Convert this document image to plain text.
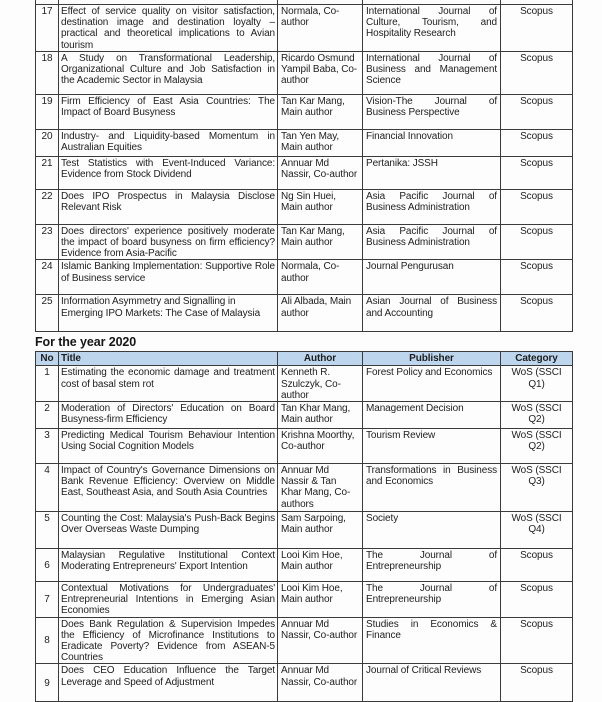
17	Effect of service quality on visitor satisfaction, destination image and destination loyalty – practical and theoretical implications to Avian tourism	Normala, Co-author	International Journal of Culture, Tourism, and Hospitality Research	Scopus
18	A Study on Transformational Leadership, Organizational Culture and Job Satisfaction in the Academic Sector in Malaysia	Ricardo Osmund Yampil Baba, Co-author	International Journal of Business and Management Science	Scopus
19	Firm Efficiency of East Asia Countries: The Impact of Board Busyness	Tan Kar Mang, Main author	Vision-The Journal of Business Perspective	Scopus
20	Industry- and Liquidity-based Momentum in Australian Equities	Tan Yen May, Main author	Financial Innovation	Scopus
21	Test Statistics with Event-Induced Variance: Evidence from Stock Dividend	Annuar Md Nassir, Co-author	Pertanika: JSSH	Scopus
22	Does IPO Prospectus in Malaysia Disclose Relevant Risk	Ng Sin Huei, Main author	Asia Pacific Journal of Business Administration	Scopus
23	Does directors' experience positively moderate the impact of board busyness on firm efficiency? Evidence from Asia-Pacific	Tan Kar Mang, Main author	Asia Pacific Journal of Business Administration	Scopus
24	Islamic Banking Implementation: Supportive Role of Business service	Normala, Co-author	Journal Pengurusan	Scopus
25	Information Asymmetry and Signalling in Emerging IPO Markets: The Case of Malaysia	Ali Albada, Main author	Asian Journal of Business and Accounting	Scopus
For the year 2020
No	Title	Author	Publisher	Category
1	Estimating the economic damage and treatment cost of basal stem rot	Kenneth R. Szulczyk, Co-author	Forest Policy and Economics	WoS (SSCI Q1)
2	Moderation of Directors' Education on Board Busyness-firm Efficiency	Tan Khar Mang, Main author	Management Decision	WoS (SSCI Q2)
3	Predicting Medical Tourism Behaviour Intention Using Social Cognition Models	Krishna Moorthy, Co-author	Tourism Review	WoS (SSCI Q2)
4	Impact of Country's Governance Dimensions on Bank Revenue Efficiency: Overview on Middle East, Southeast Asia, and South Asia Countries	Annuar Md Nassir & Tan Khar Mang, Co-authors	Transformations in Business and Economics	WoS (SSCI Q3)
5	Counting the Cost: Malaysia's Push-Back Begins Over Overseas Waste Dumping	Sam Sarpoing, Main author	Society	WoS (SSCI Q4)
6	Malaysian Regulative Institutional Context Moderating Entrepreneurs' Export Intention	Looi Kim Hoe, Main author	The Journal of Entrepreneurship	Scopus
7	Contextual Motivations for Undergraduates' Entrepreneurial Intentions in Emerging Asian Economies	Looi Kim Hoe, Main author	The Journal of Entrepreneurship	Scopus
8	Does Bank Regulation & Supervision Impedes the Efficiency of Microfinance Institutions to Eradicate Poverty? Evidence from ASEAN-5 Countries	Annuar Md Nassir, Co-author	Studies in Economics & Finance	Scopus
9	Does CEO Education Influence the Target Leverage and Speed of Adjustment	Annuar Md Nassir, Co-author	Journal of Critical Reviews	Scopus
